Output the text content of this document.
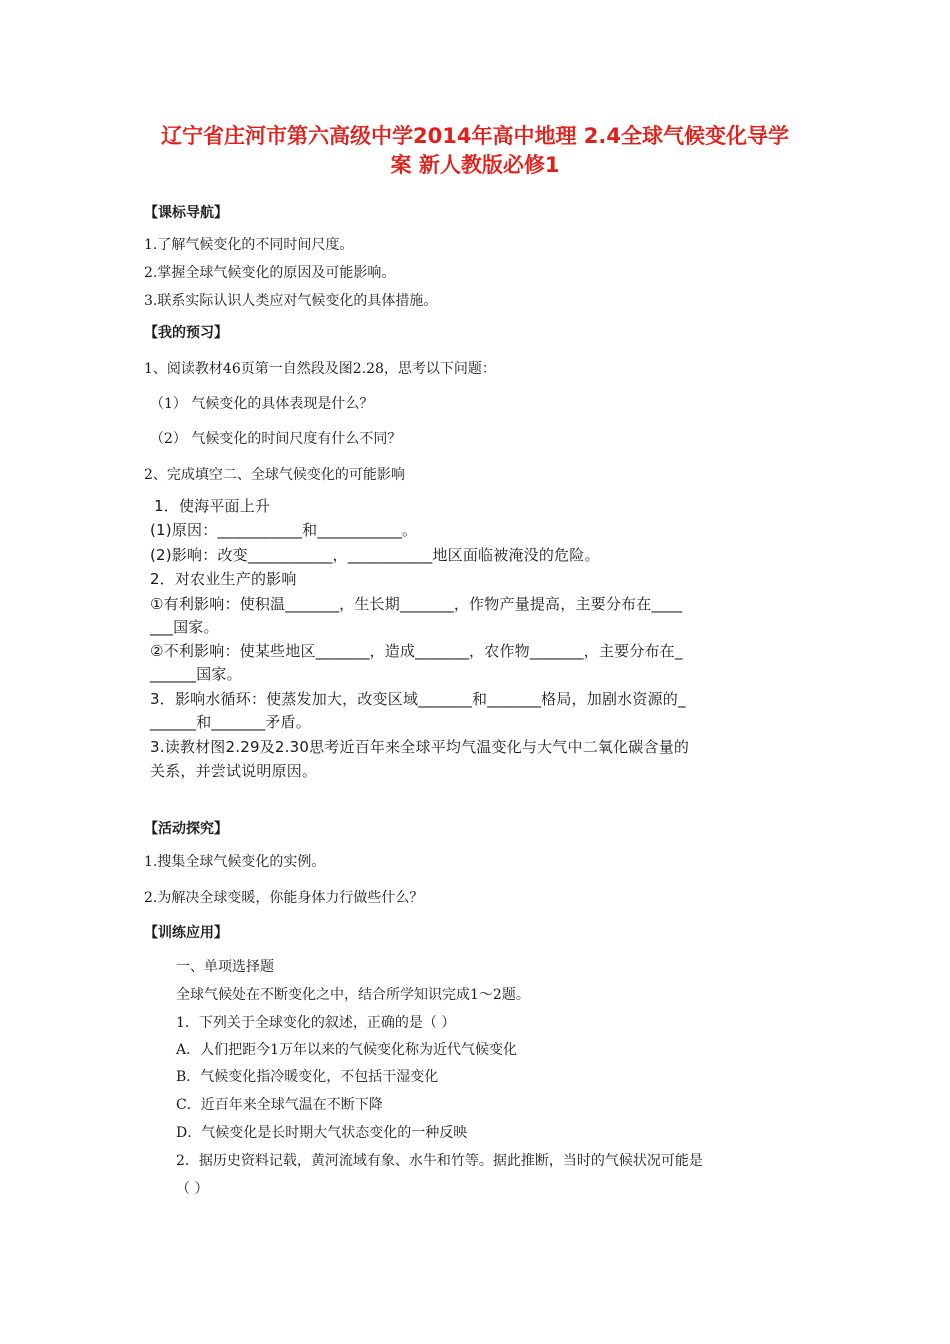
辽宁省庄河市第六高级中学2014年高中地理 2.4全球气候变化导学
案 新人教版必修1
【课标导航】
1.了解气候变化的不同时间尺度。
2.掌握全球气候变化的原因及可能影响。
3.联系实际认识人类应对气候变化的具体措施。
【我的预习】
1、阅读教材46页第一自然段及图2.28，思考以下问题：
（1） 气候变化的具体表现是什么？
（2） 气候变化的时间尺度有什么不同？
2、完成填空二、全球气候变化的可能影响
1．使海平面上升
(1)原因：___________和___________。
(2)影响：改变___________，___________地区面临被淹没的危险。
2．对农业生产的影响
①有利影响：使积温_______，生长期_______，作物产量提高，主要分布在____
___国家。
②不利影响：使某些地区_______，造成_______，农作物_______，主要分布在_
______国家。
3．影响水循环：使蒸发加大，改变区域_______和_______格局，加剧水资源的_
______和_______矛盾。
3.读教材图2.29及2.30思考近百年来全球平均气温变化与大气中二氧化碳含量的
关系，并尝试说明原因。
【活动探究】
1.搜集全球气候变化的实例。
2.为解决全球变暖，你能身体力行做些什么？
【训练应用】
一、单项选择题
全球气候处在不断变化之中，结合所学知识完成1～2题。
1．下列关于全球变化的叙述，正确的是（ ）
A．人们把距今1万年以来的气候变化称为近代气候变化
B．气候变化指冷暖变化，不包括干湿变化
C．近百年来全球气温在不断下降
D．气候变化是长时期大气状态变化的一种反映
2．据历史资料记载，黄河流域有象、水牛和竹等。据此推断，当时的气候状况可能是
（ ）
